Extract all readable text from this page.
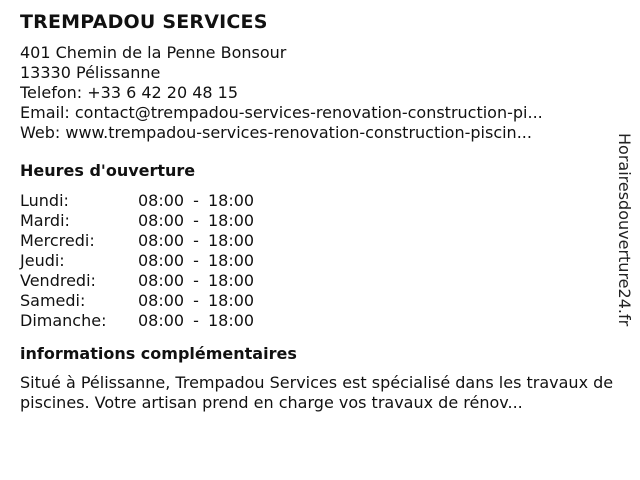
TREMPADOU SERVICES
401 Chemin de la Penne Bonsour
13330 Pélissanne
Telefon: +33 6 42 20 48 15
Email: contact@trempadou-services-renovation-construction-pi...
Web: www.trempadou-services-renovation-construction-piscin...
Heures d'ouverture
Lundi:	08:00 - 18:00
Mardi:	08:00 - 18:00
Mercredi:	08:00 - 18:00
Jeudi:	08:00 - 18:00
Vendredi:	08:00 - 18:00
Samedi:	08:00 - 18:00
Dimanche:	08:00 - 18:00
informations complémentaires
Situé à Pélissanne, Trempadou Services est spécialisé dans les travaux de piscines. Votre artisan prend en charge vos travaux de rénov...
Horairesdouverture24.fr
